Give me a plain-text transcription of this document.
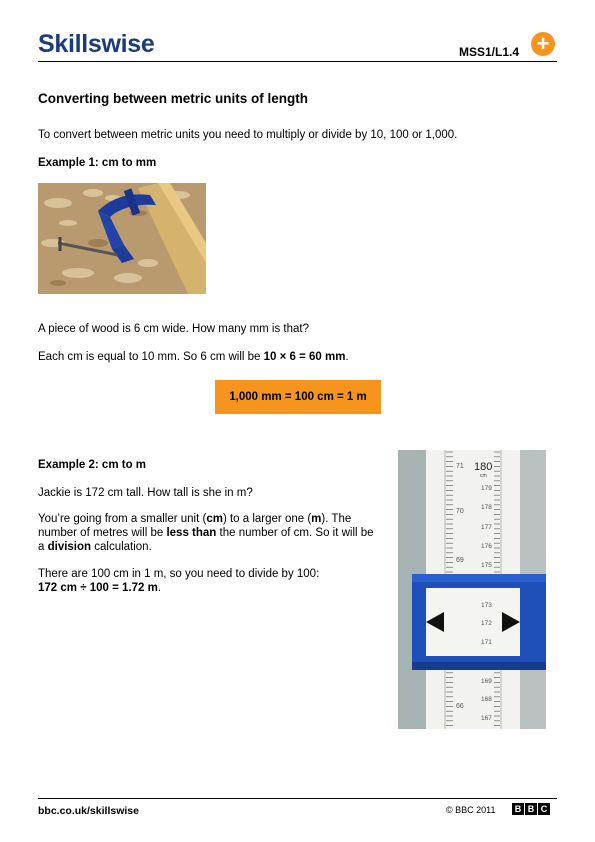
Skillswise	MSS1/L1.4 +
Converting between metric units of length
To convert between metric units you need to multiply or divide by 10, 100 or 1,000.
Example 1: cm to mm
A piece of wood is 6 cm wide. How many mm is that?
Each cm is equal to 10 mm. So 6 cm will be 10 × 6 = 60 mm.
1,000 mm = 100 cm = 1 m
Example 2: cm to m
Jackie is 172 cm tall. How tall is she in m?
You’re going from a smaller unit (cm) to a larger one (m). The number of metres will be less than the number of cm. So it will be a division calculation.
There are 100 cm in 1 m, so you need to divide by 100:
172 cm ÷ 100 = 1.72 m.
71
70
69
66
180
cm
179
178
177
176
175
173
172
171
169
168
167
bbc.co.uk/skillswise	© BBC 2011	B B C
